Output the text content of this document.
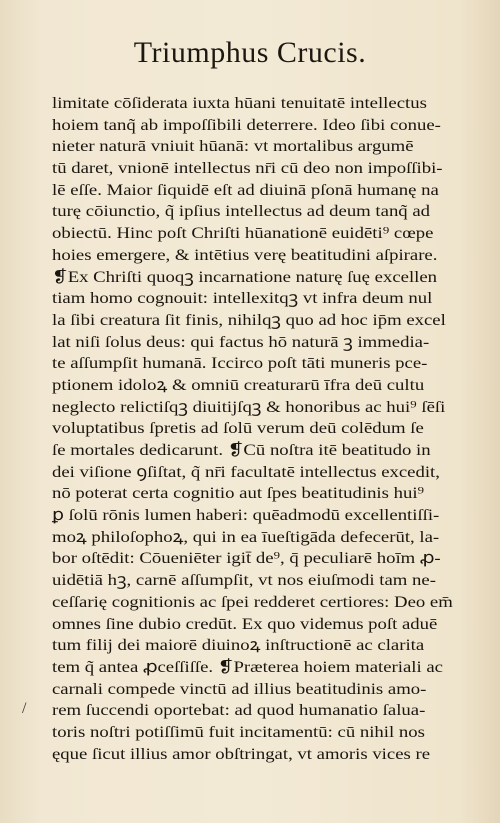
Triumphus Crucis.
/
limitate cōſiderata iuxta hūani tenuitatē intellectus
hoiem tanq̃ ab impoſſibili deterrere. Ideo ſibi conue-
nieter naturā vniuit hūanā: vt mortalibus argumē
tū daret, vnionē intellectus nr̄i cū deo non impoſſibi-
lē eſſe. Maior ſiquidē eſt ad diuinā pſonā humanę na
turę cōiunctio, q̃ ipſius intellectus ad deum tanq̃ ad
obiectū. Hinc poſt Chriſti hūanationē euidēti⁹ cœpe
hoies emergere, & intētius verę beatitudini aſpirare.
❡Ex Chriſti quoqꝫ incarnatione naturę ſuę excellen
tiam homo cognouit: intellexitqꝫ vt infra deum nul
la ſibi creatura ſit finis, nihilqꝫ quo ad hoc ip̄m excel
lat niſi ſolus deus: qui factus hō naturā ꝫ immedia-
te aſſumpſit humanā. Iccirco poſt tāti muneris pce-
ptionem idoloꝝ & omniū creaturarū īfra deū cultu
neglecto relictiſqꝫ diuitijſqꝫ & honoribus ac hui⁹ ſēſi
voluptatibus ſpretis ad ſolū verum deū colēdum ſe
ſe mortales dedicarunt. ❡Cū noſtra itē beatitudo in
dei viſione ꝯſiſtat, q̃ nr̄i facultatē intellectus excedit,
nō poterat certa cognitio aut ſpes beatitudinis hui⁹
ꝑ ſolū rōnis lumen haberi: quēadmodū excellentiſſi-
moꝝ philoſophoꝝ, qui in ea īueſtigāda defecerūt, la-
bor oſtēdit: Cōueniēter igit̄ de⁹, q̄ peculiarē hoīm ꝓ-
uidētiā hꝫ, carnē aſſumpſit, vt nos eiuſmodi tam ne-
ceſſarię cognitionis ac ſpei redderet certiores: Deo em̄
omnes ſine dubio credūt. Ex quo videmus poſt aduē
tum filij dei maiorē diuinoꝝ inſtructionē ac clarita
tem q̃ antea ꝓceſſiſſe. ❡Præterea hoiem materiali ac
carnali compede vinctū ad illius beatitudinis amo-
rem ſuccendi oportebat: ad quod humanatio ſalua-
toris noſtri potiſſimū fuit incitamentū: cū nihil nos
ęque ſicut illius amor obſtringat, vt amoris vices re
